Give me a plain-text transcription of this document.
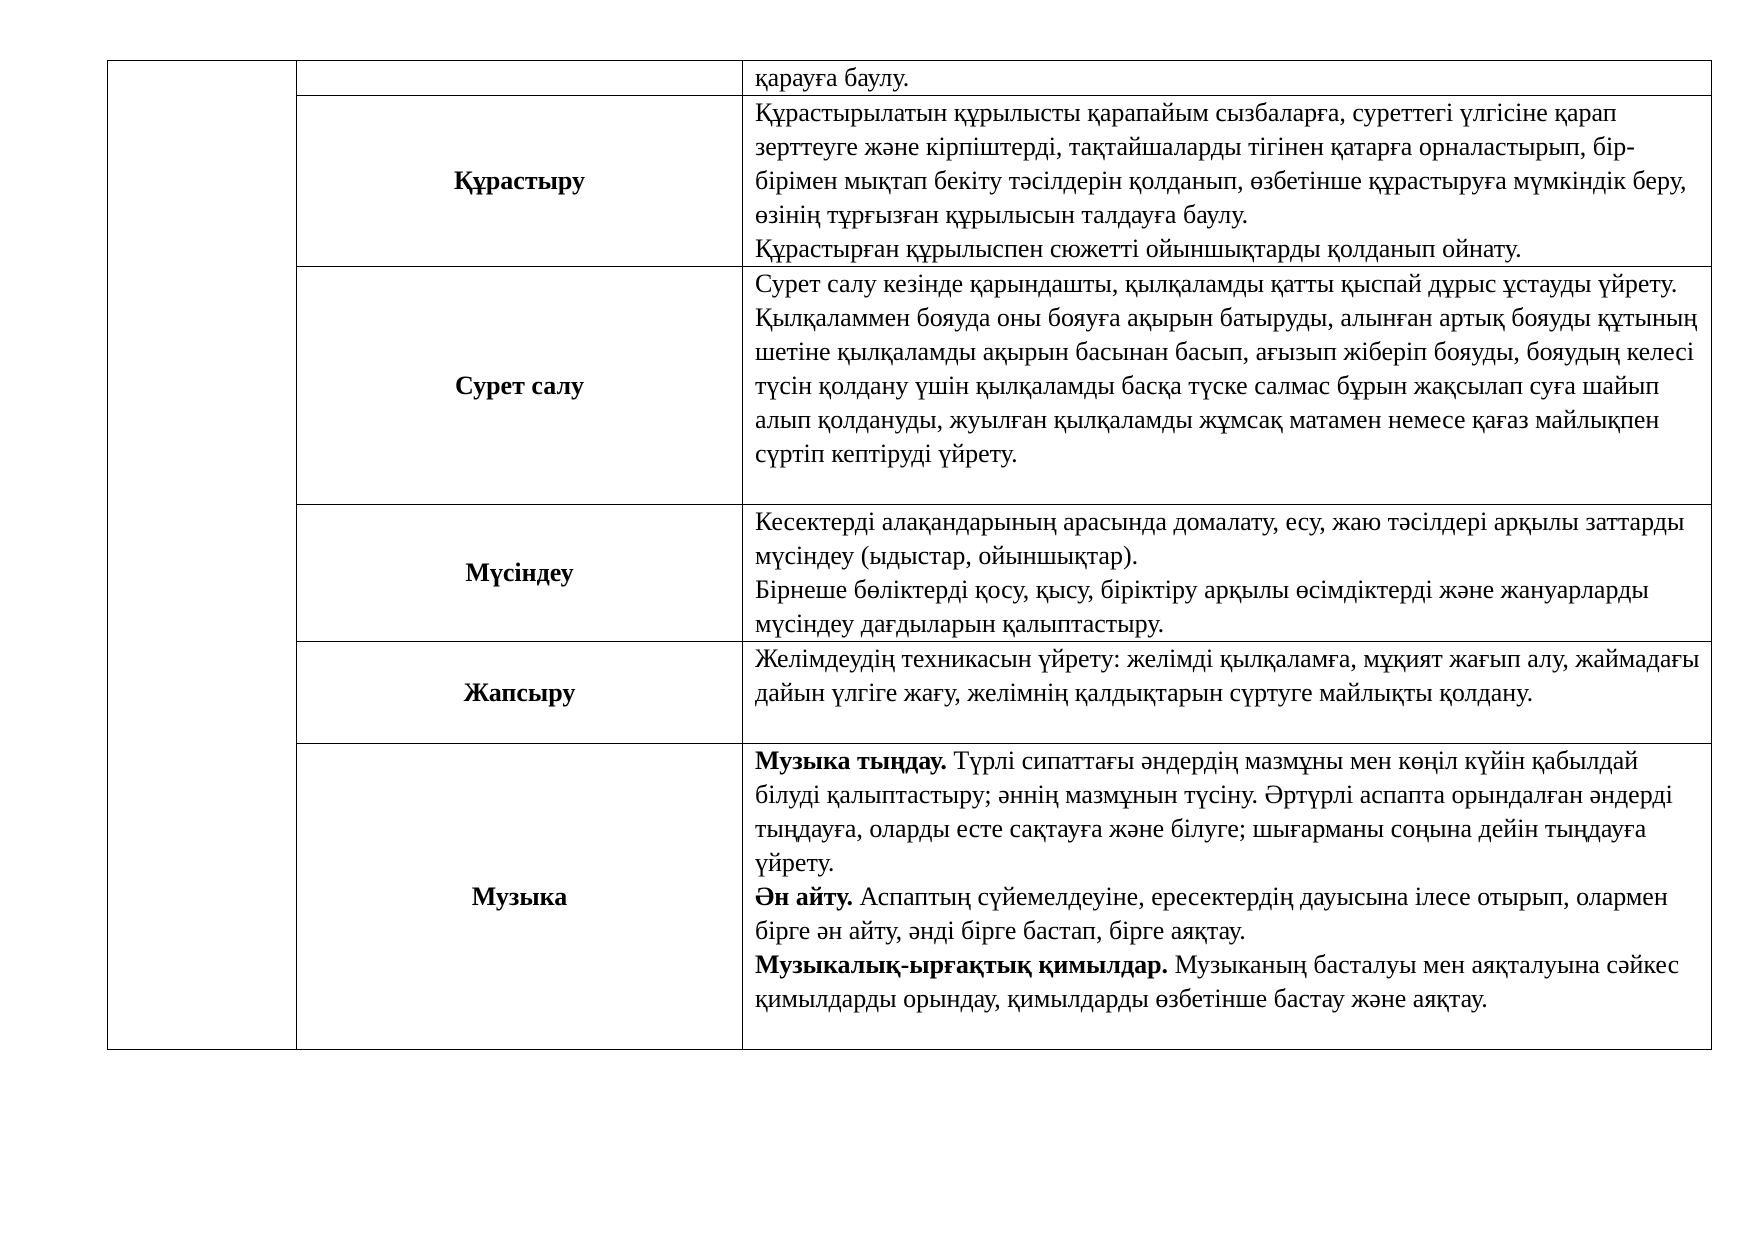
		қарауға баулу.

	Құрастыру	Құрастырылатын құрылысты қарапайым сызбаларға, суреттегі үлгісіне қарап зерттеуге және кірпіштерді, тақтайшаларды тігінен қатарға орналастырып, бір-бірімен мықтап бекіту тәсілдерін қолданып, өзбетінше құрастыруға мүмкіндік беру, өзінің тұрғызған құрылысын талдауға баулу.
Құрастырған құрылыспен сюжетті ойыншықтарды қолданып ойнату.

	Сурет салу	Сурет салу кезінде қарындашты, қылқаламды қатты қыспай дұрыс ұстауды үйрету. Қылқаламмен бояуда оны бояуға ақырын батыруды, алынған артық бояуды құтының шетіне қылқаламды ақырын басынан басып, ағызып жіберіп бояуды, бояудың келесі түсін қолдану үшін қылқаламды басқа түске салмас бұрын жақсылап суға шайып алып қолдануды, жуылған қылқаламды жұмсақ матамен немесе қағаз майлықпен сүртіп кептіруді үйрету.

	Мүсіндеу	Кесектерді алақандарының арасында домалату, есу, жаю тәсілдері арқылы заттарды мүсіндеу (ыдыстар, ойыншықтар).
Бірнеше бөліктерді қосу, қысу, біріктіру арқылы өсімдіктерді және жануарларды мүсіндеу дағдыларын қалыптастыру.

	Жапсыру	Желімдеудің техникасын үйрету: желімді қылқаламға, мұқият жағып алу, жаймадағы дайын үлгіге жағу, желімнің қалдықтарын сүртуге майлықты қолдану.

	Музыка	Музыка тыңдау. Түрлі сипаттағы әндердің мазмұны мен көңіл күйін қабылдай білуді қалыптастыру; әннің мазмұнын түсіну. Әртүрлі аспапта орындалған әндерді тыңдауға, оларды есте сақтауға және білуге; шығарманы соңына дейін тыңдауға үйрету.
Ән айту. Аспаптың сүйемелдеуіне, ересектердің дауысына ілесе отырып, олармен бірге ән айту, әнді бірге бастап, бірге аяқтау.
Музыкалық-ырғақтық қимылдар. Музыканың басталуы мен аяқталуына сәйкес қимылдарды орындау, қимылдарды өзбетінше бастау және аяқтау.
